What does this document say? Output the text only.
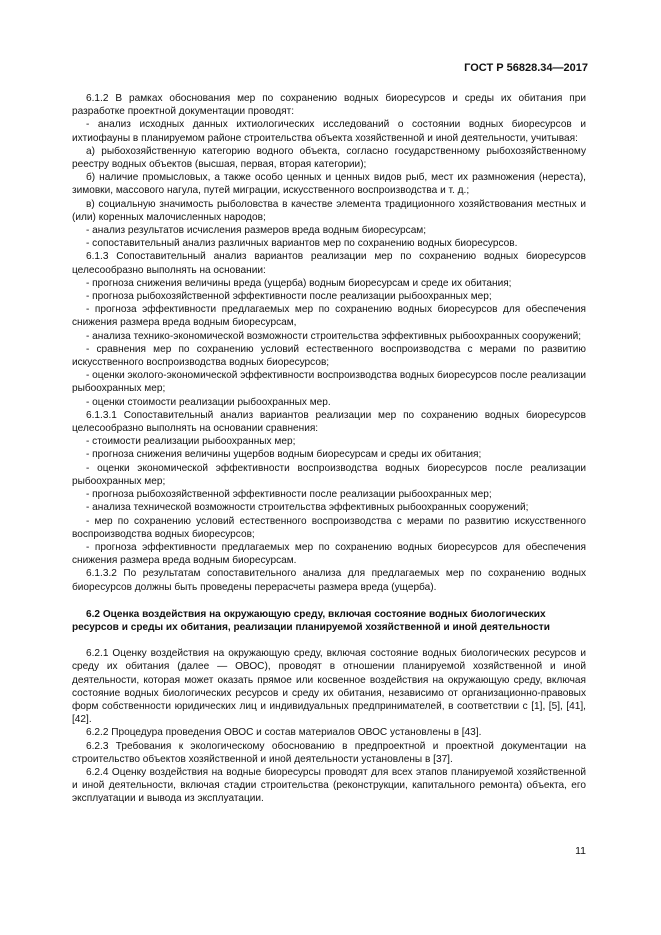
ГОСТ Р 56828.34—2017

6.1.2 В рамках обоснования мер по сохранению водных биоресурсов и среды их обитания при разработке проектной документации проводят:

- анализ исходных данных ихтиологических исследований о состоянии водных биоресурсов и ихтиофауны в планируемом районе строительства объекта хозяйственной и иной деятельности, учитывая:

а) рыбохозяйственную категорию водного объекта, согласно государственному рыбохозяйственному реестру водных объектов (высшая, первая, вторая категории);

б) наличие промысловых, а также особо ценных и ценных видов рыб, мест их размножения (нереста), зимовки, массового нагула, путей миграции, искусственного воспроизводства и т. д.;

в) социальную значимость рыболовства в качестве элемента традиционного хозяйствования местных и (или) коренных малочисленных народов;

- анализ результатов исчисления размеров вреда водным биоресурсам;

- сопоставительный анализ различных вариантов мер по сохранению водных биоресурсов.

6.1.3 Сопоставительный анализ вариантов реализации мер по сохранению водных биоресурсов целесообразно выполнять на основании:

- прогноза снижения величины вреда (ущерба) водным биоресурсам и среде их обитания;

- прогноза рыбохозяйственной эффективности после реализации рыбоохранных мер;

- прогноза эффективности предлагаемых мер по сохранению водных биоресурсов для обеспечения снижения размера вреда водным биоресурсам,

- анализа технико-экономической возможности строительства эффективных рыбоохранных сооружений;

- сравнения мер по сохранению условий естественного воспроизводства с мерами по развитию искусственного воспроизводства водных биоресурсов;

- оценки эколого-экономической эффективности воспроизводства водных биоресурсов после реализации рыбоохранных мер;

- оценки стоимости реализации рыбоохранных мер.

6.1.3.1 Сопоставительный анализ вариантов реализации мер по сохранению водных биоресурсов целесообразно выполнять на основании сравнения:

- стоимости реализации рыбоохранных мер;

- прогноза снижения величины ущербов водным биоресурсам и среды их обитания;

- оценки экономической эффективности воспроизводства водных биоресурсов после реализации рыбоохранных мер;

- прогноза рыбохозяйственной эффективности после реализации рыбоохранных мер;

- анализа технической возможности строительства эффективных рыбоохранных сооружений;

- мер по сохранению условий естественного воспроизводства с мерами по развитию искусственного воспроизводства водных биоресурсов;

- прогноза эффективности предлагаемых мер по сохранению водных биоресурсов для обеспечения снижения размера вреда водным биоресурсам.

6.1.3.2 По результатам сопоставительного анализа для предлагаемых мер по сохранению водных биоресурсов должны быть проведены перерасчеты размера вреда (ущерба).

6.2 Оценка воздействия на окружающую среду, включая состояние водных биологических ресурсов и среды их обитания, реализации планируемой хозяйственной и иной деятельности

6.2.1 Оценку воздействия на окружающую среду, включая состояние водных биологических ресурсов и среду их обитания (далее — ОВОС), проводят в отношении планируемой хозяйственной и иной деятельности, которая может оказать прямое или косвенное воздействия на окружающую среду, включая состояние водных биологических ресурсов и среду их обитания, независимо от организационно-правовых форм собственности юридических лиц и индивидуальных предпринимателей, в соответствии с [1], [5], [41], [42].

6.2.2 Процедура проведения ОВОС и состав материалов ОВОС установлены в [43].

6.2.3 Требования к экологическому обоснованию в предпроектной и проектной документации на строительство объектов хозяйственной и иной деятельности установлены в [37].

6.2.4 Оценку воздействия на водные биоресурсы проводят для всех этапов планируемой хозяйственной и иной деятельности, включая стадии строительства (реконструкции, капитального ремонта) объекта, его эксплуатации и вывода из эксплуатации.

11
